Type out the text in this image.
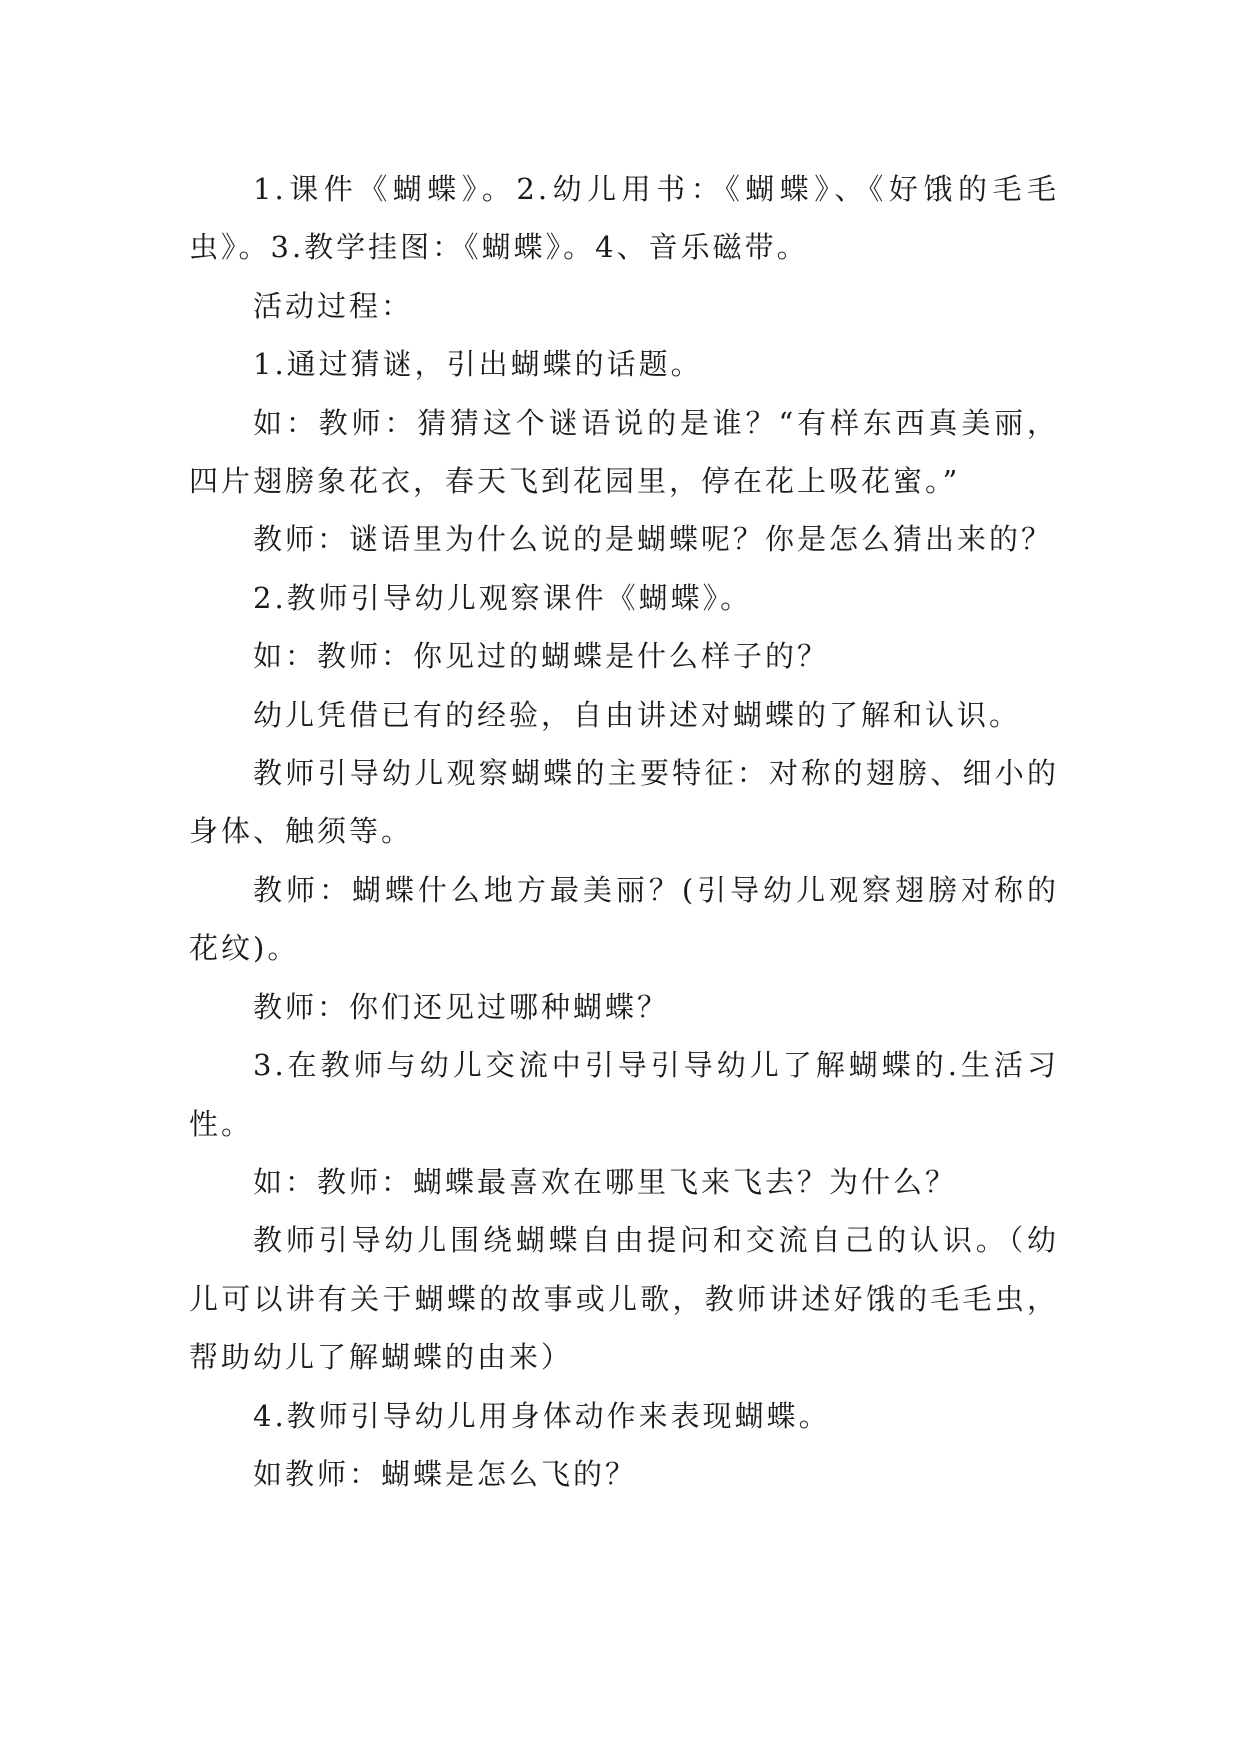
1.课件《蝴蝶》。2.幼儿用书：《蝴蝶》、《好饿的毛毛虫》。3.教学挂图：《蝴蝶》。4、音乐磁带。

活动过程：

1.通过猜谜，引出蝴蝶的话题。

如：教师：猜猜这个谜语说的是谁？“有样东西真美丽，四片翅膀象花衣，春天飞到花园里，停在花上吸花蜜。”

教师：谜语里为什么说的是蝴蝶呢？你是怎么猜出来的？

2.教师引导幼儿观察课件《蝴蝶》。

如：教师：你见过的蝴蝶是什么样子的？

幼儿凭借已有的经验，自由讲述对蝴蝶的了解和认识。

教师引导幼儿观察蝴蝶的主要特征：对称的翅膀、细小的身体、触须等。

教师：蝴蝶什么地方最美丽？(引导幼儿观察翅膀对称的花纹)。

教师：你们还见过哪种蝴蝶？

3.在教师与幼儿交流中引导引导幼儿了解蝴蝶的.生活习性。

如：教师：蝴蝶最喜欢在哪里飞来飞去？为什么？

教师引导幼儿围绕蝴蝶自由提问和交流自己的认识。（幼儿可以讲有关于蝴蝶的故事或儿歌，教师讲述好饿的毛毛虫，帮助幼儿了解蝴蝶的由来）

4.教师引导幼儿用身体动作来表现蝴蝶。

如教师：蝴蝶是怎么飞的？
